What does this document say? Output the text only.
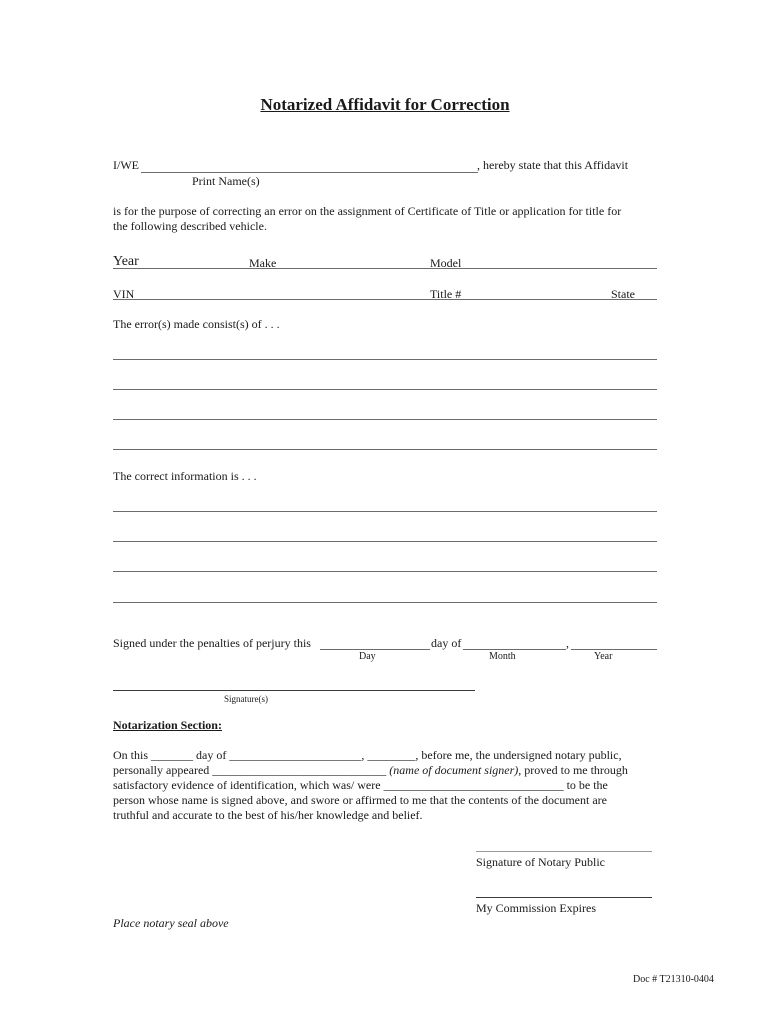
Notarized Affidavit for Correction
I/WE	, hereby state that this Affidavit
Print Name(s)
is for the purpose of correcting an error on the assignment of Certificate of Title or application for title for
the following described vehicle.
Year	Make	Model
VIN	Title #	State
The error(s) made consist(s) of . . .
The correct information is . . .
Signed under the penalties of perjury this	day of	,
Day	Month	Year
Signature(s)
Notarization Section:
On this _______ day of ______________________, ________, before me, the undersigned notary public,
personally appeared _____________________________ (name of document signer), proved to me through
satisfactory evidence of identification, which was/ were ______________________________ to be the
person whose name is signed above, and swore or affirmed to me that the contents of the document are
truthful and accurate to the best of his/her knowledge and belief.
Signature of Notary Public
My Commission Expires
Place notary seal above
Doc # T21310-0404
